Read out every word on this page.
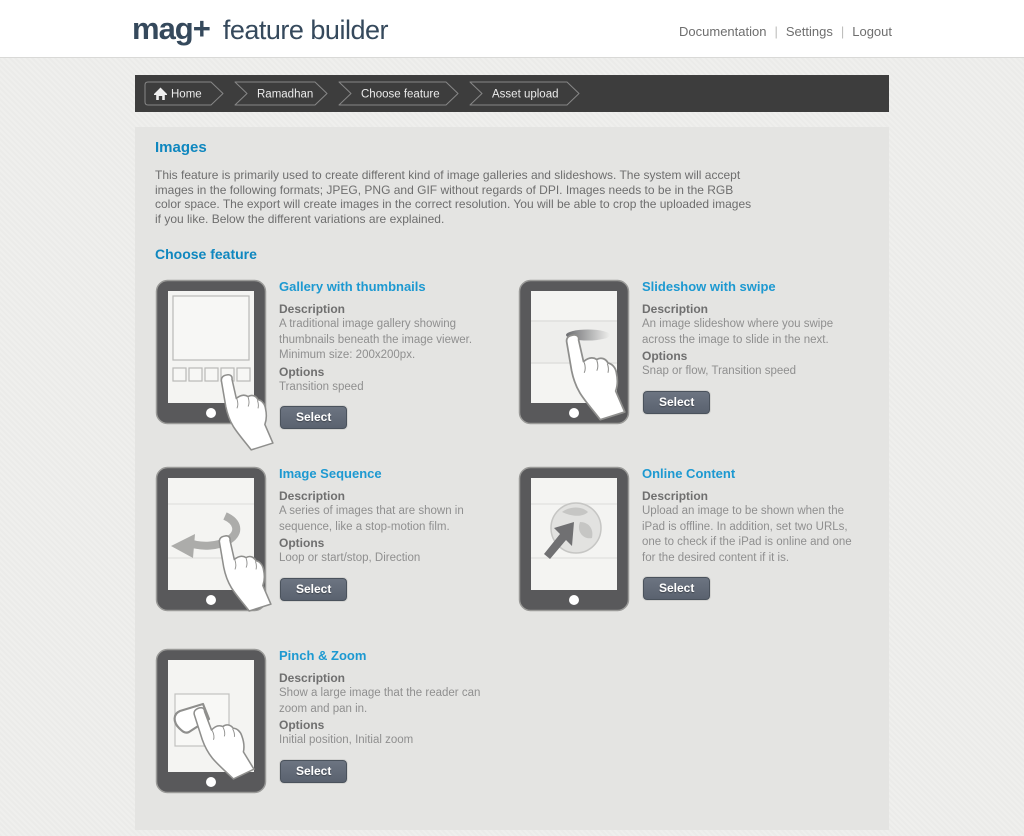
mag+ feature builder	Documentation | Settings | Logout
Home	Ramadhan	Choose feature	Asset upload
Images

This feature is primarily used to create different kind of image galleries and slideshows. The system will accept images in the following formats; JPEG, PNG and GIF without regards of DPI. Images needs to be in the RGB color space. The export will create images in the correct resolution. You will be able to crop the uploaded images if you like. Below the different variations are explained.

Choose feature
Gallery with thumbnails
Description

A traditional image gallery showing thumbnails beneath the image viewer. Minimum size: 200x200px.

Options

Transition speed

Select
Slideshow with swipe
Description

An image slideshow where you swipe across the image to slide in the next.

Options

Snap or flow, Transition speed

Select
Image Sequence
Description

A series of images that are shown in sequence, like a stop-motion film.

Options

Loop or start/stop, Direction

Select
Online Content
Description

Upload an image to be shown when the iPad is offline. In addition, set two URLs, one to check if the iPad is online and one for the desired content if it is.

Select
Pinch & Zoom
Description

Show a large image that the reader can zoom and pan in.

Options

Initial position, Initial zoom

Select
